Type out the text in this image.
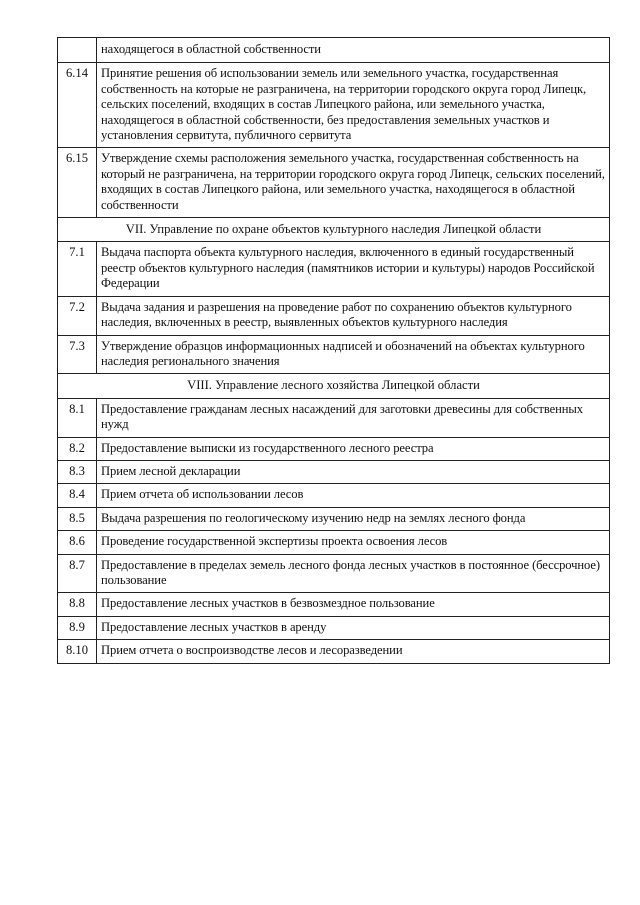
	находящегося в областной собственности
6.14	Принятие решения об использовании земель или земельного участка, государственная собственность на которые не разграничена, на территории городского округа город Липецк, сельских поселений, входящих в состав Липецкого района, или земельного участка, находящегося в областной собственности, без предоставления земельных участков и установления сервитута, публичного сервитута
6.15	Утверждение схемы расположения земельного участка, государственная собственность на который не разграничена, на территории городского округа город Липецк, сельских поселений, входящих в состав Липецкого района, или земельного участка, находящегося в областной собственности
VII. Управление по охране объектов культурного наследия Липецкой области	
7.1	Выдача паспорта объекта культурного наследия, включенного в единый государственный реестр объектов культурного наследия (памятников истории и культуры) народов Российской Федерации
7.2	Выдача задания и разрешения на проведение работ по сохранению объектов культурного наследия, включенных в реестр, выявленных объектов культурного наследия
7.3	Утверждение образцов информационных надписей и обозначений на объектах культурного наследия регионального значения
VIII. Управление лесного хозяйства Липецкой области	
8.1	Предоставление гражданам лесных насаждений для заготовки древесины для собственных нужд
8.2	Предоставление выписки из государственного лесного реестра
8.3	Прием лесной декларации
8.4	Прием отчета об использовании лесов
8.5	Выдача разрешения по геологическому изучению недр на землях лесного фонда
8.6	Проведение государственной экспертизы проекта освоения лесов
8.7	Предоставление в пределах земель лесного фонда лесных участков в постоянное (бессрочное) пользование
8.8	Предоставление лесных участков в безвозмездное пользование
8.9	Предоставление лесных участков в аренду
8.10	Прием отчета о воспроизводстве лесов и лесоразведении
